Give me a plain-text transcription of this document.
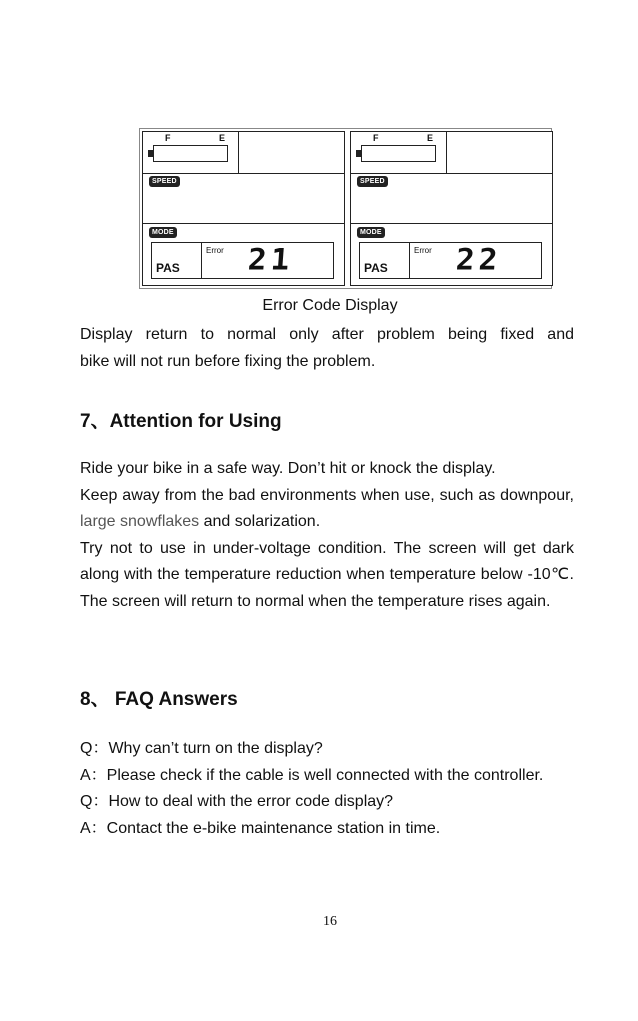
F	E
SPEED
MODE
PAS
Error 21
F	E
SPEED
MODE
PAS
Error 22
Error Code Display
Display return to normal only after problem being fixed and
bike will not run before fixing the problem.
7、Attention for Using
Ride your bike in a safe way. Don’t hit or knock the display.
Keep away from the bad environments when use, such as downpour, large snowflakes and solarization.
Try not to use in under-voltage condition. The screen will get dark along with the temperature reduction when temperature below -10℃. The screen will return to normal when the temperature rises again.
8、 FAQ Answers
Q：Why can’t turn on the display?
A：Please check if the cable is well connected with the controller.
Q：How to deal with the error code display?
A：Contact the e-bike maintenance station in time.
16
